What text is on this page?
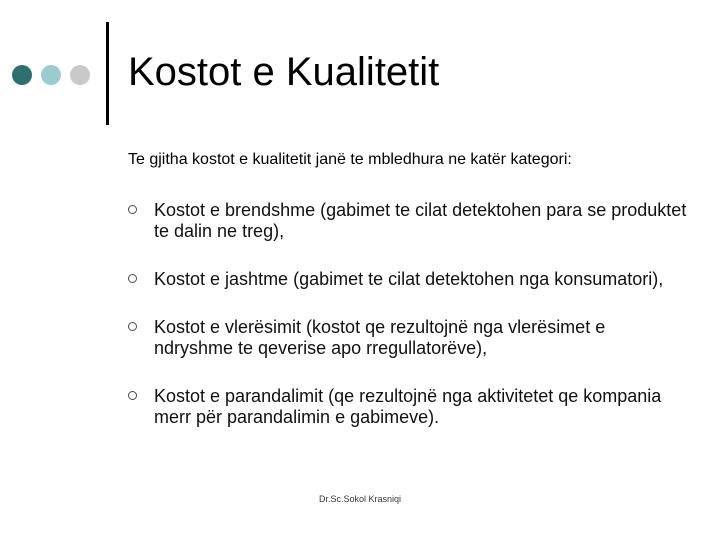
Kostot e Kualitetit

Te gjitha kostot e kualitetit janë te mbledhura ne katër kategori:

Kostot e brendshme (gabimet te cilat detektohen para se produktet te dalin ne treg),
Kostot e jashtme (gabimet te cilat detektohen nga konsumatori),
Kostot e vlerësimit (kostot qe rezultojnë nga vlerësimet e ndryshme te qeverise apo rregullatorëve),
Kostot e parandalimit (qe rezultojnë nga aktivitetet qe kompania merr për parandalimin e gabimeve).
Dr.Sc.Sokol Krasniqi
